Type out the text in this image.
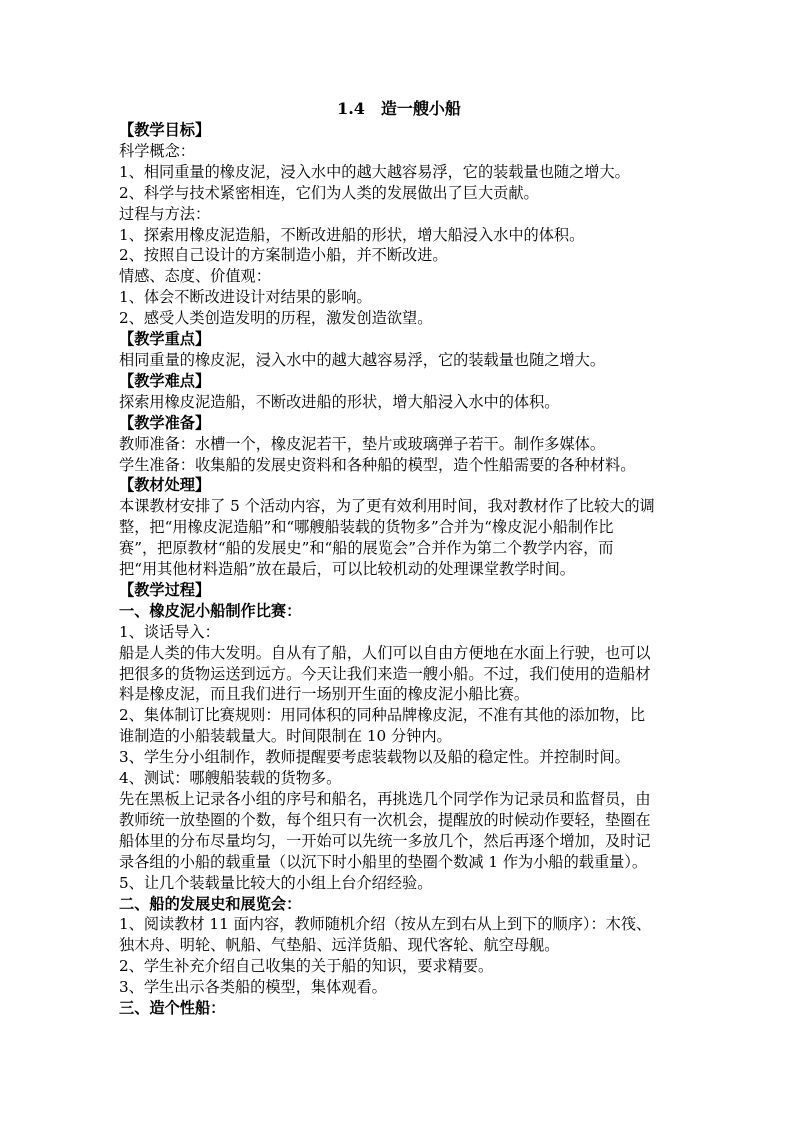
1.4　造一艘小船
【教学目标】
科学概念：
1、相同重量的橡皮泥，浸入水中的越大越容易浮，它的装载量也随之增大。
2、科学与技术紧密相连，它们为人类的发展做出了巨大贡献。
过程与方法：
1、探索用橡皮泥造船，不断改进船的形状，增大船浸入水中的体积。
2、按照自己设计的方案制造小船，并不断改进。
情感、态度、价值观：
1、体会不断改进设计对结果的影响。
2、感受人类创造发明的历程，激发创造欲望。
【教学重点】
相同重量的橡皮泥，浸入水中的越大越容易浮，它的装载量也随之增大。
【教学难点】
探索用橡皮泥造船，不断改进船的形状，增大船浸入水中的体积。
【教学准备】
教师准备：水槽一个，橡皮泥若干，垫片或玻璃弹子若干。制作多媒体。
学生准备：收集船的发展史资料和各种船的模型，造个性船需要的各种材料。
【教材处理】
本课教材安排了 5 个活动内容，为了更有效利用时间，我对教材作了比较大的调
整，把“用橡皮泥造船”和“哪艘船装载的货物多”合并为“橡皮泥小船制作比
赛”，把原教材“船的发展史”和“船的展览会”合并作为第二个教学内容，而
把“用其他材料造船”放在最后，可以比较机动的处理课堂教学时间。
【教学过程】
一、橡皮泥小船制作比赛：
1、谈话导入：
船是人类的伟大发明。自从有了船，人们可以自由方便地在水面上行驶，也可以
把很多的货物运送到远方。今天让我们来造一艘小船。不过，我们使用的造船材
料是橡皮泥，而且我们进行一场别开生面的橡皮泥小船比赛。
2、集体制订比赛规则：用同体积的同种品牌橡皮泥，不准有其他的添加物，比
谁制造的小船装载量大。时间限制在 10 分钟内。
3、学生分小组制作，教师提醒要考虑装载物以及船的稳定性。并控制时间。
4、测试：哪艘船装载的货物多。
先在黑板上记录各小组的序号和船名，再挑选几个同学作为记录员和监督员，由
教师统一放垫圈的个数，每个组只有一次机会，提醒放的时候动作要轻，垫圈在
船体里的分布尽量均匀，一开始可以先统一多放几个，然后再逐个增加，及时记
录各组的小船的载重量（以沉下时小船里的垫圈个数减 1 作为小船的载重量）。
5、让几个装载量比较大的小组上台介绍经验。
二、船的发展史和展览会：
1、阅读教材 11 面内容，教师随机介绍（按从左到右从上到下的顺序）：木筏、
独木舟、明轮、帆船、气垫船、远洋货船、现代客轮、航空母舰。
2、学生补充介绍自己收集的关于船的知识，要求精要。
3、学生出示各类船的模型，集体观看。
三、造个性船：
